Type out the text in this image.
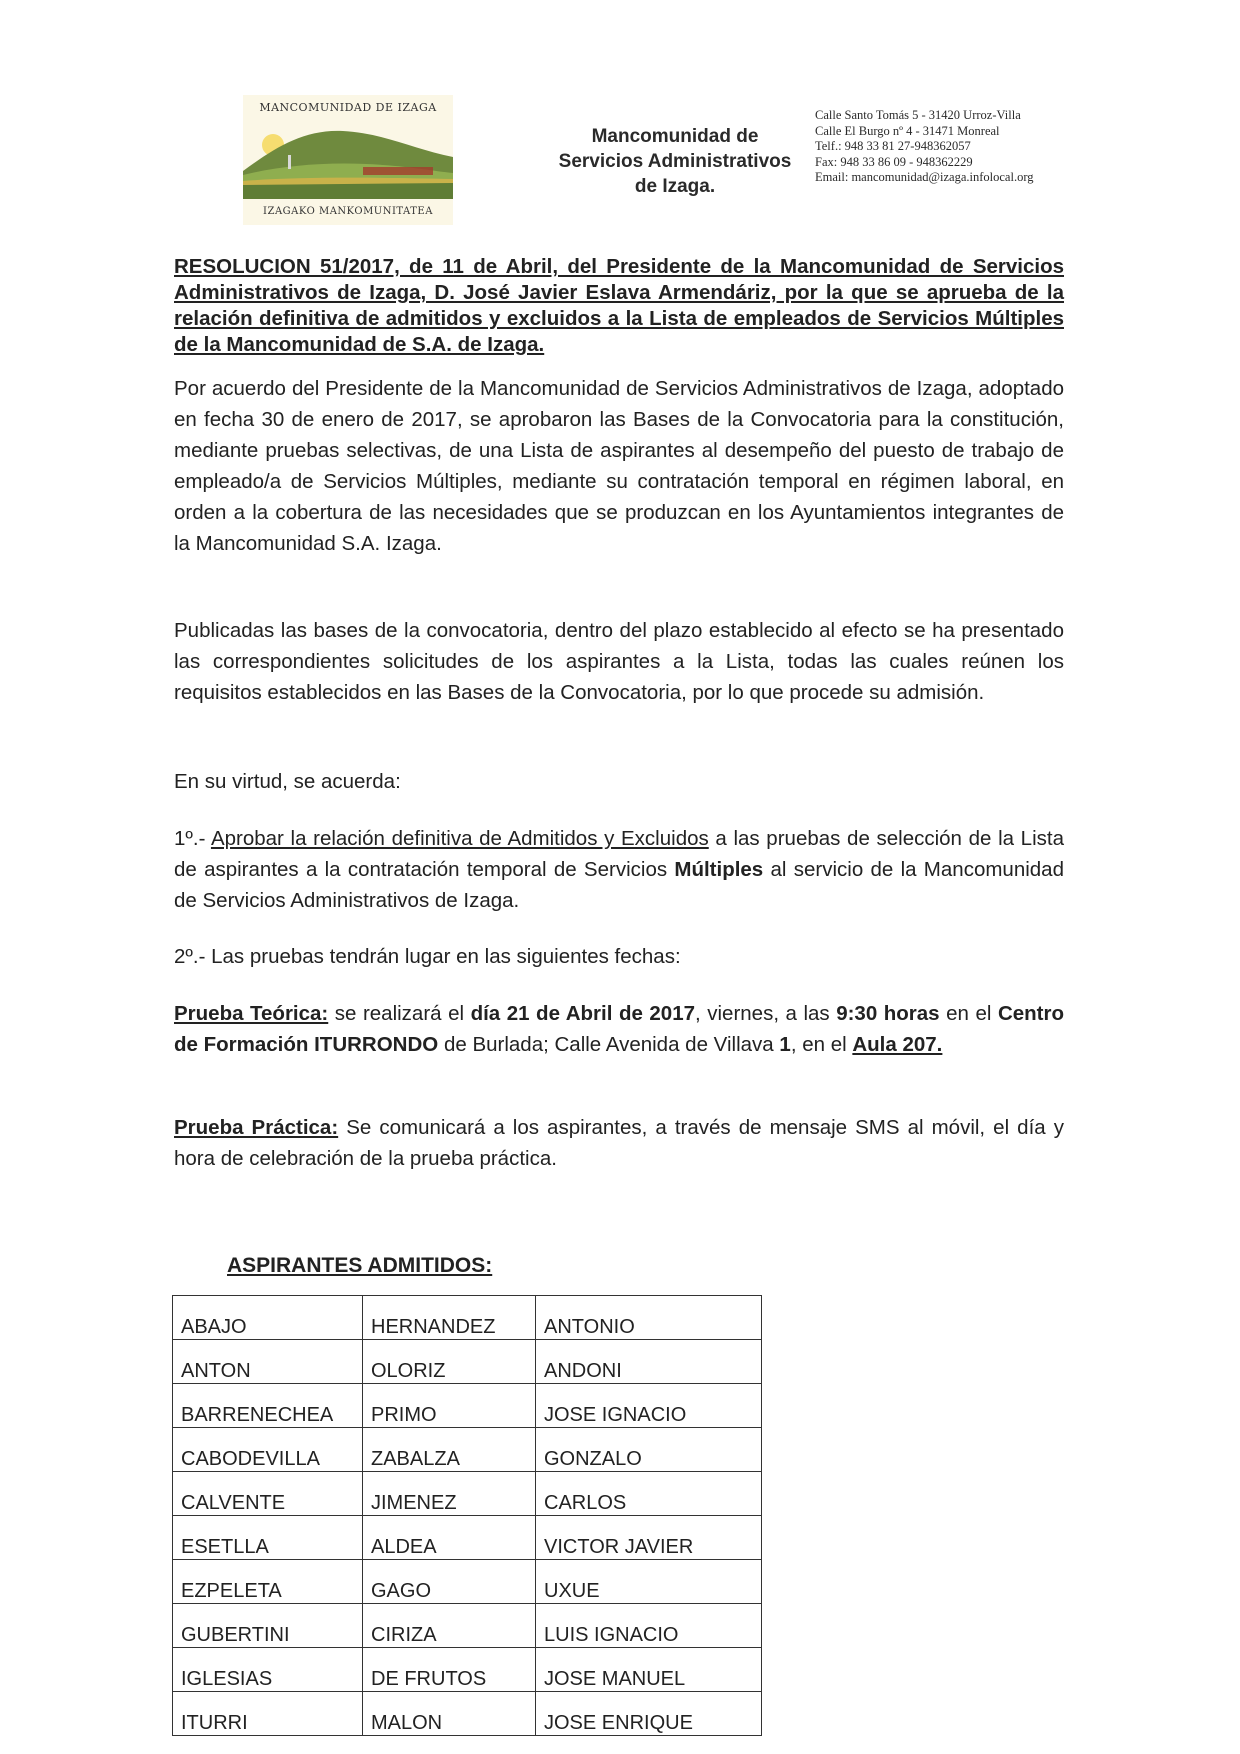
MANCOMUNIDAD DE IZAGA
IZAGAKO MANKOMUNITATEA
Mancomunidad de
Servicios Administrativos
de Izaga.
Calle Santo Tomás 5 - 31420 Urroz-Villa
Calle El Burgo nº 4 - 31471 Monreal
Telf.: 948 33 81 27-948362057
Fax: 948 33 86 09 - 948362229
Email: mancomunidad@izaga.infolocal.org
RESOLUCION 51/2017, de 11 de Abril, del Presidente de la Mancomunidad de Servicios Administrativos de Izaga, D. José Javier Eslava Armendáriz, por la que se aprueba de la relación definitiva de admitidos y excluidos a la Lista de empleados de Servicios Múltiples de la Mancomunidad de S.A. de Izaga.
Por acuerdo del Presidente de la Mancomunidad de Servicios Administrativos de Izaga, adoptado en fecha 30 de enero de 2017, se aprobaron las Bases de la Convocatoria para la constitución, mediante pruebas selectivas, de una Lista de aspirantes al desempeño del puesto de trabajo de empleado/a de Servicios Múltiples, mediante su contratación temporal en régimen laboral, en orden a la cobertura de las necesidades que se produzcan en los Ayuntamientos integrantes de la Mancomunidad S.A. Izaga.
Publicadas las bases de la convocatoria, dentro del plazo establecido al efecto se ha presentado las correspondientes solicitudes de los aspirantes a la Lista, todas las cuales reúnen los requisitos establecidos en las Bases de la Convocatoria, por lo que procede su admisión.
En su virtud, se acuerda:
1º.- Aprobar la relación definitiva de Admitidos y Excluidos a las pruebas de selección de la Lista de aspirantes a la contratación temporal de Servicios Múltiples al servicio de la Mancomunidad de Servicios Administrativos de Izaga.
2º.- Las pruebas tendrán lugar en las siguientes fechas:
Prueba Teórica: se realizará el día 21 de Abril de 2017, viernes, a las 9:30 horas en el Centro de Formación ITURRONDO de Burlada; Calle Avenida de Villava 1, en el Aula 207.
Prueba Práctica: Se comunicará a los aspirantes, a través de mensaje SMS al móvil, el día y hora de celebración de la prueba práctica.
ASPIRANTES ADMITIDOS:
ABAJO	HERNANDEZ	ANTONIO
ANTON	OLORIZ	ANDONI
BARRENECHEA	PRIMO	JOSE IGNACIO
CABODEVILLA	ZABALZA	GONZALO
CALVENTE	JIMENEZ	CARLOS
ESETLLA	ALDEA	VICTOR JAVIER
EZPELETA	GAGO	UXUE
GUBERTINI	CIRIZA	LUIS IGNACIO
IGLESIAS	DE FRUTOS	JOSE MANUEL
ITURRI	MALON	JOSE ENRIQUE
